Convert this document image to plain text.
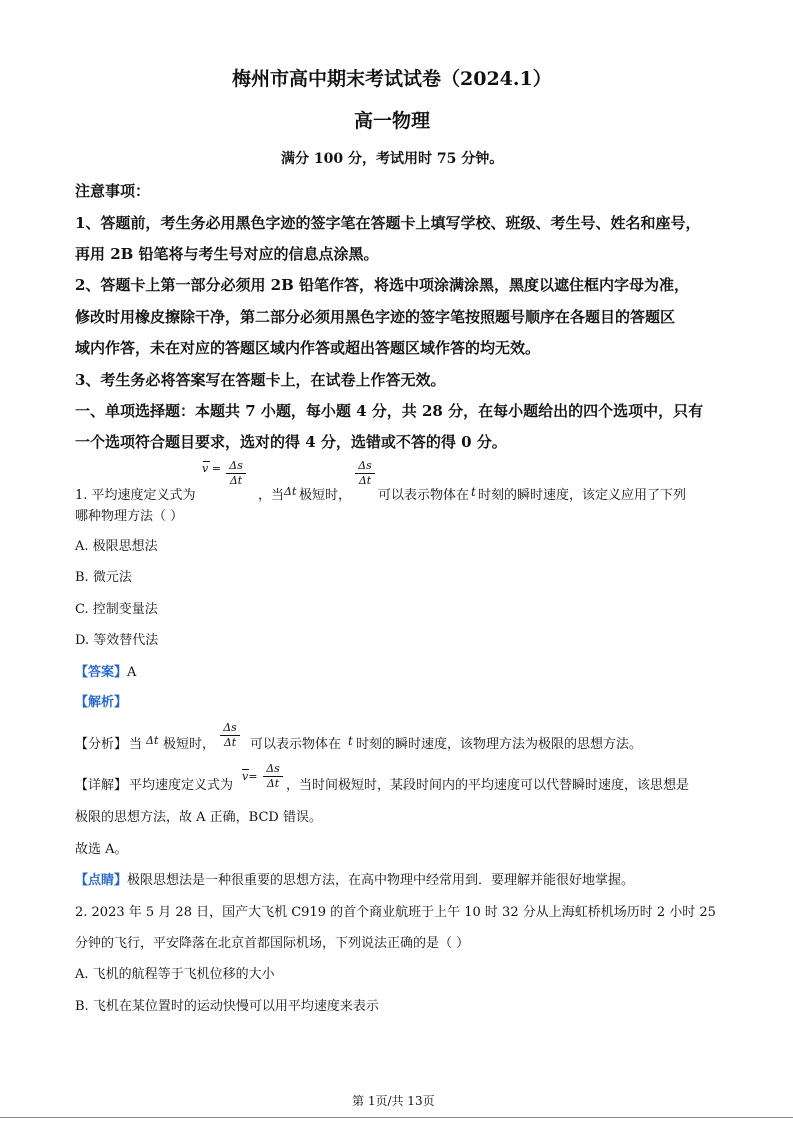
梅州市高中期末考试试卷（2024.1）
高一物理
满分 100 分，考试用时 75 分钟。
注意事项：
1、答题前，考生务必用黑色字迹的签字笔在答题卡上填写学校、班级、考生号、姓名和座号，
再用 2B 铅笔将与考生号对应的信息点涂黑。
2、答题卡上第一部分必须用 2B 铅笔作答，将选中项涂满涂黑，黑度以遮住框内字母为准，
修改时用橡皮擦除干净，第二部分必须用黑色字迹的签字笔按照题号顺序在各题目的答题区
域内作答，未在对应的答题区域内作答或超出答题区域作答的均无效。
3、考生务必将答案写在答题卡上，在试卷上作答无效。
一、单项选择题：本题共 7 小题，每小题 4 分，共 28 分，在每小题给出的四个选项中，只有
一个选项符合题目要求，选对的得 4 分，选错或不答的得 0 分。
1. 平均速度定义式为
v = Δs
Δt
，当 Δt 极短时，
Δs
Δt
可以表示物体在 t 时刻的瞬时速度，该定义应用了下列
哪种物理方法（ ）
A. 极限思想法
B. 微元法
C. 控制变量法
D. 等效替代法
【答案】A
【解析】
【分析】 当 Δt 极短时，
Δs
Δt 可以表示物体在 t 时刻的瞬时速度，该物理方法为极限的思想方法。
【详解】 平均速度定义式为
v=
Δs
Δt ，当时间极短时，某段时间内的平均速度可以代替瞬时速度，该思想是
极限的思想方法，故 A 正确，BCD 错误。
故选 A。
【点睛】极限思想法是一种很重要的思想方法，在高中物理中经常用到．要理解并能很好地掌握。
2. 2023 年 5 月 28 日，国产大飞机 C919 的首个商业航班于上午 10 时 32 分从上海虹桥机场历时 2 小时 25
分钟的飞行，平安降落在北京首都国际机场，下列说法正确的是（ ）
A. 飞机的航程等于飞机位移的大小
B. 飞机在某位置时的运动快慢可以用平均速度来表示
第 1页/共 13页
